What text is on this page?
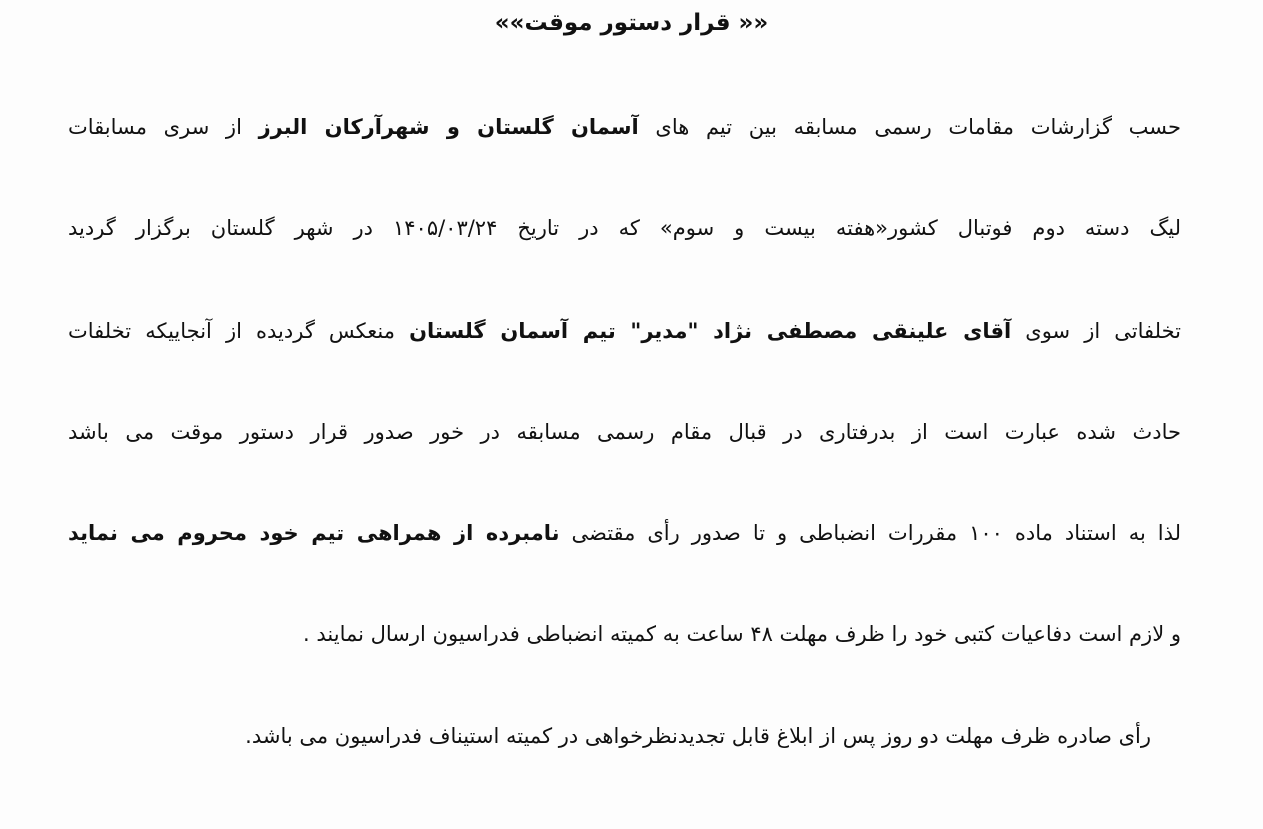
«« قرار دستور موقت»»

حسب گزارشات مقامات رسمی مسابقه بین تیم های آسمان گلستان و شهرآرکان البرز از سری مسابقات

لیگ دسته دوم فوتبال کشور«هفته بیست و سوم» که در تاریخ ۱۴۰۵/۰۳/۲۴ در شهر گلستان برگزار گردید

تخلفاتی از سوی آقای علینقی مصطفی نژاد "مدیر" تیم آسمان گلستان منعکس گردیده از آنجاییکه تخلفات

حادث شده عبارت است از بدرفتاری در قبال مقام رسمی مسابقه در خور صدور قرار دستور موقت می باشد

لذا به استناد ماده ۱۰۰ مقررات انضباطی و تا صدور رأی مقتضی نامبرده از همراهی تیم خود محروم می نماید

و لازم است دفاعیات کتبی خود را ظرف مهلت ۴۸ ساعت به کمیته انضباطی فدراسیون ارسال نمایند .

رأی صادره ظرف مهلت دو روز پس از ابلاغ قابل تجدیدنظرخواهی در کمیته استیناف فدراسیون می باشد.
